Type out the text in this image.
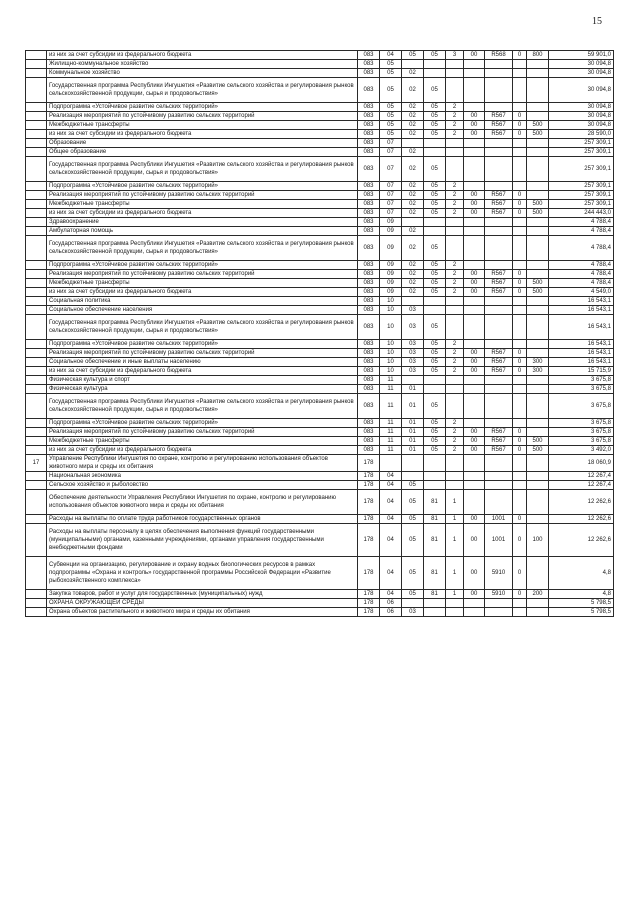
15
	из них за счет субсидии из федерального бюджета	083	04	05	05	3	00	R568	0	800	59 901,0
	Жилищно-коммунальное хозяйство	083	05								30 094,8
	Коммунальное хозяйство	083	05	02							30 094,8
	Государственная программа Республики Ингушетия «Развитие сельского хозяйства и регулирования рынков сельскохозяйственной продукции, сырья и продовольствия»	083	05	02	05						30 094,8
	Подпрограмма «Устойчивое развитие сельских территорий»	083	05	02	05	2					30 094,8
	Реализация мероприятий по устойчивому развитию сельских территорий	083	05	02	05	2	00	R567	0		30 094,8
	Межбюджетные трансферты	083	05	02	05	2	00	R567	0	500	30 094,8
	из них за счет субсидии из федерального бюджета	083	05	02	05	2	00	R567	0	500	28 590,0
	Образование	083	07								257 309,1
	Общее образование	083	07	02							257 309,1
	Государственная программа Республики Ингушетия «Развитие сельского хозяйства и регулирования рынков сельскохозяйственной продукции, сырья и продовольствия»	083	07	02	05						257 309,1
	Подпрограмма «Устойчивое развитие сельских территорий»	083	07	02	05	2					257 309,1
	Реализация мероприятий по устойчивому развитию сельских территорий	083	07	02	05	2	00	R567	0		257 309,1
	Межбюджетные трансферты	083	07	02	05	2	00	R567	0	500	257 309,1
	из них за счет субсидии из федерального бюджета	083	07	02	05	2	00	R567	0	500	244 443,0
	Здравоохранение	083	09								4 788,4
	Амбулаторная помощь	083	09	02							4 788,4
	Государственная программа Республики Ингушетия «Развитие сельского хозяйства и регулирования рынков сельскохозяйственной продукции, сырья и продовольствия»	083	09	02	05						4 788,4
	Подпрограмма «Устойчивое развитие сельских территорий»	083	09	02	05	2					4 788,4
	Реализация мероприятий по устойчивому развитию сельских территорий	083	09	02	05	2	00	R567	0		4 788,4
	Межбюджетные трансферты	083	09	02	05	2	00	R567	0	500	4 788,4
	из них за счет субсидии из федерального бюджета	083	09	02	05	2	00	R567	0	500	4 549,0
	Социальная политика	083	10								16 543,1
	Социальное обеспечение населения	083	10	03							16 543,1
	Государственная программа Республики Ингушетия «Развитие сельского хозяйства и регулирования рынков сельскохозяйственной продукции, сырья и продовольствия»	083	10	03	05						16 543,1
	Подпрограмма «Устойчивое развитие сельских территорий»	083	10	03	05	2					16 543,1
	Реализация мероприятий по устойчивому развитию сельских территорий	083	10	03	05	2	00	R567	0		16 543,1
	Социальное обеспечение и иные выплаты населению	083	10	03	05	2	00	R567	0	300	16 543,1
	из них за счет субсидии из федерального бюджета	083	10	03	05	2	00	R567	0	300	15 715,9
	Физическая культура и спорт	083	11								3 675,8
	Физическая культура	083	11	01							3 675,8
	Государственная программа Республики Ингушетия «Развитие сельского хозяйства и регулирования рынков сельскохозяйственной продукции, сырья и продовольствия»	083	11	01	05						3 675,8
	Подпрограмма «Устойчивое развитие сельских территорий»	083	11	01	05	2					3 675,8
	Реализация мероприятий по устойчивому развитию сельских территорий	083	11	01	05	2	00	R567	0		3 675,8
	Межбюджетные трансферты	083	11	01	05	2	00	R567	0	500	3 675,8
	из них за счет субсидии из федерального бюджета	083	11	01	05	2	00	R567	0	500	3 492,0
17	Управление Республики Ингушетия по охране, контролю и регулированию использования объектов животного мира и среды их обитания	178									18 060,9
	Национальная экономика	178	04								12 267,4
	Сельское хозяйство и рыболовство	178	04	05							12 267,4
	Обеспечение деятельности Управления Республики Ингушетия по охране, контролю и регулированию использования объектов животного мира и среды их обитания	178	04	05	81	1					12 262,6
	Расходы на выплаты по оплате труда работников государственных органов	178	04	05	81	1	00	1001	0		12 262,6
	Расходы на выплаты персоналу в целях обеспечения выполнения функций государственными (муниципальными) органами, казенными учреждениями, органами управления государственными внебюджетными фондами	178	04	05	81	1	00	1001	0	100	12 262,6
	Субвенции на организацию, регулирование и охрану водных биологических ресурсов в рамках подпрограммы «Охрана и контроль» государственной программы Российской Федерации «Развитие рыбохозяйственного комплекса»	178	04	05	81	1	00	5910	0		4,8
	Закупка товаров, работ и услуг для государственных (муниципальных) нужд	178	04	05	81	1	00	5910	0	200	4,8
	ОХРАНА ОКРУЖАЮЩЕЙ СРЕДЫ	178	06								5 798,5
	Охрана объектов растительного и животного мира и среды их обитания	178	06	03							5 798,5
